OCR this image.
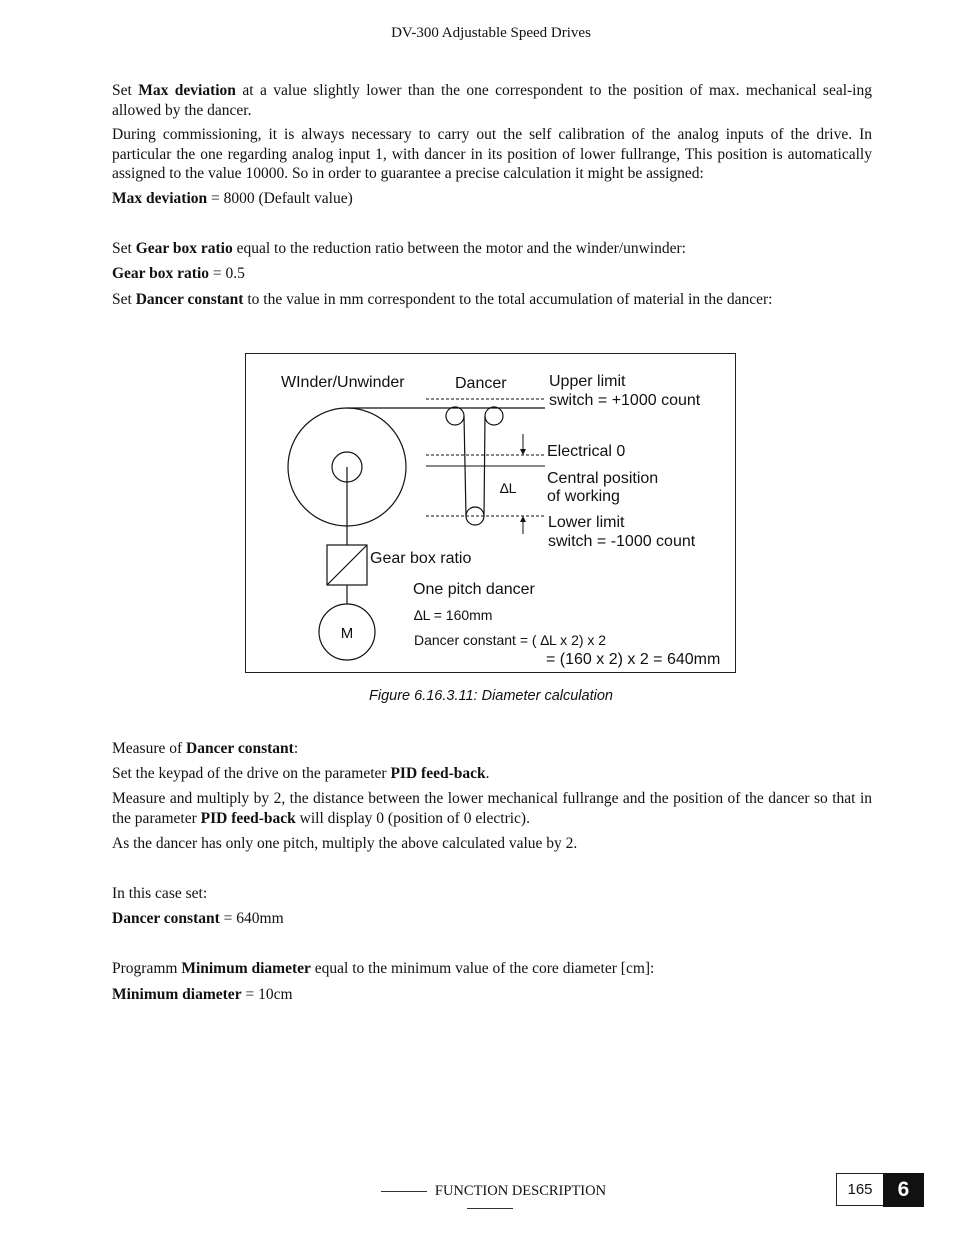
DV-300 Adjustable Speed Drives
Set Max deviation at a value slightly lower than the one correspondent to the position of max. mechanical seal-ing allowed by the dancer.
During commissioning, it is always necessary to carry out the self calibration of the analog inputs of the drive. In particular the one regarding analog input 1, with dancer in its position of lower fullrange, This position is automatically assigned to the value 10000. So in order to guarantee a precise calculation it might be assigned:
Max deviation = 8000 (Default value)
Set Gear box ratio equal to the reduction ratio between the motor and the winder/unwinder:
Gear box ratio = 0.5
Set Dancer constant to the value in mm correspondent to the total accumulation of material in the dancer:
M
WInder/Unwinder	Dancer	Upper limit
switch = +1000 count
Electrical 0
Central position
of working
∆L
Lower limit
switch = -1000 count
Gear box ratio
One pitch dancer
∆L = 160mm
Dancer constant = ( ∆L x 2) x 2
= (160 x 2) x 2 = 640mm
Figure 6.16.3.11: Diameter calculation
Measure of Dancer constant:
Set the keypad of the drive on the parameter PID feed-back.
Measure and multiply by 2, the distance between the lower mechanical fullrange and the position of the dancer so that in the parameter PID feed-back will display 0 (position of 0 electric).
As the dancer has only one pitch, multiply the above calculated value by 2.
In this case set:
Dancer constant = 640mm
Programm Minimum diameter equal to the minimum value of the core diameter [cm]:
Minimum diameter = 10cm
FUNCTION DESCRIPTION	165	6
